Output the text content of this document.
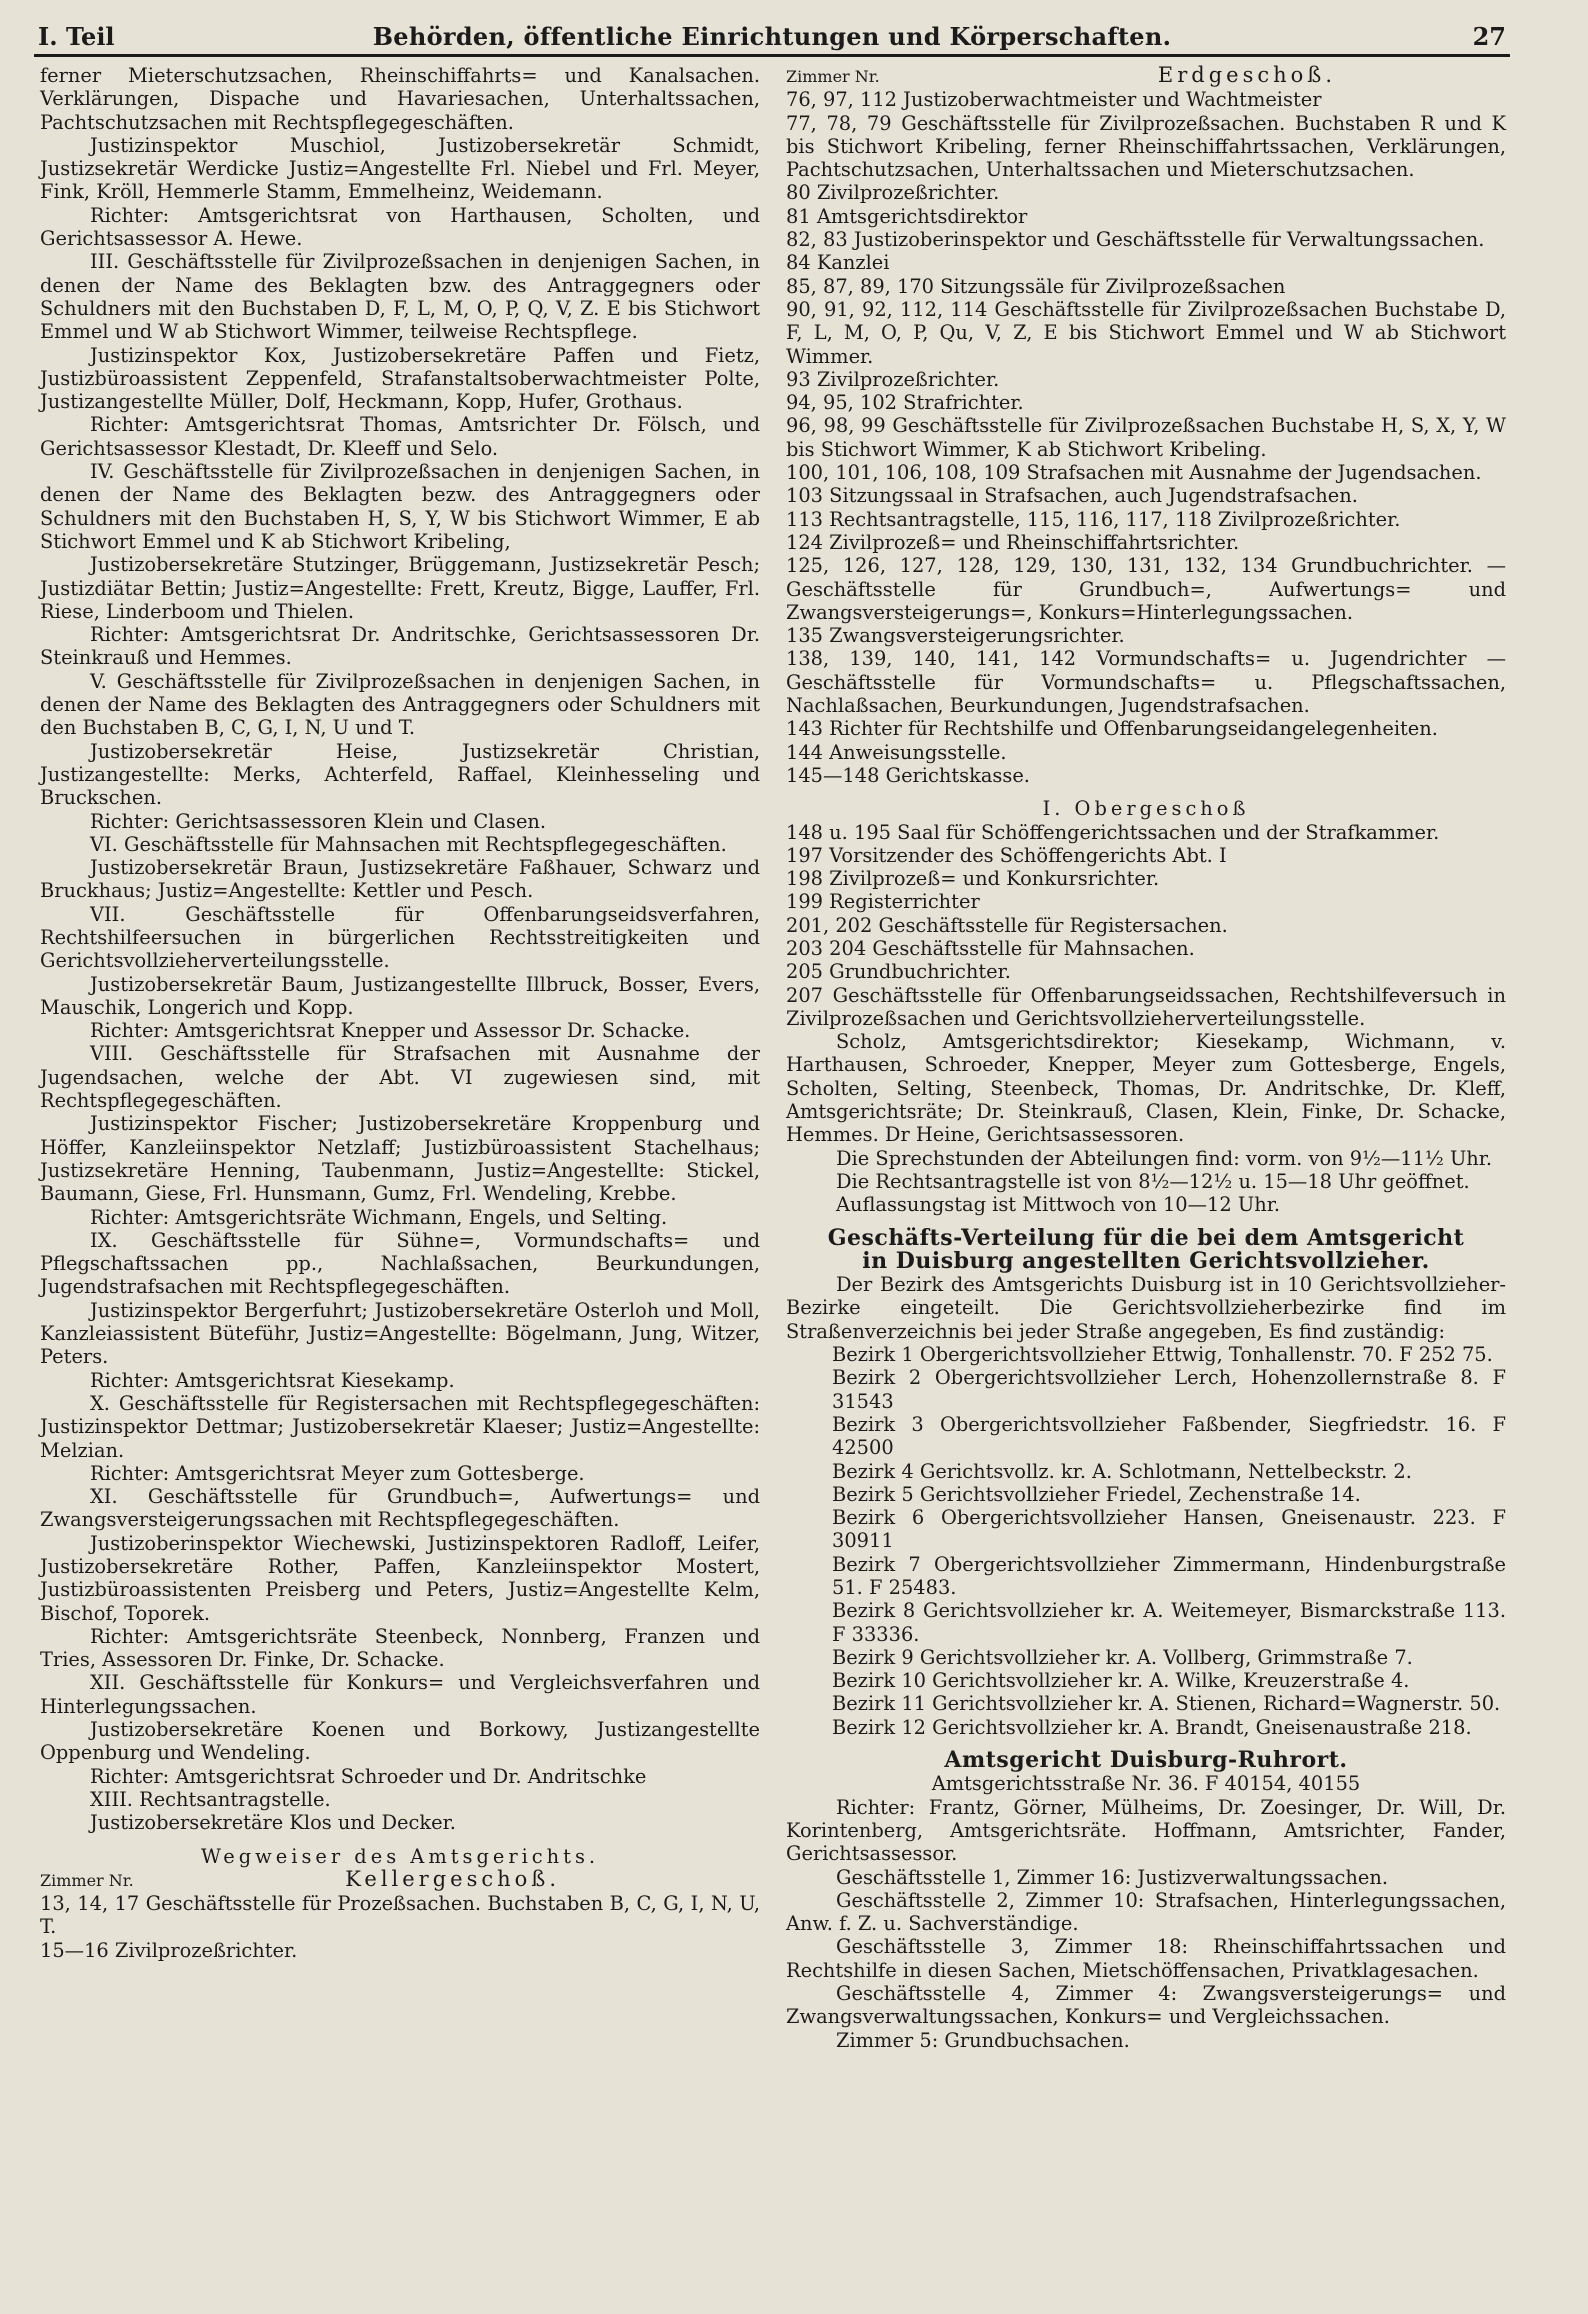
I. Teil	Behörden, öffentliche Einrichtungen und Körperschaften.	27

ferner Mieterschutzsachen, Rheinschiffahrts= und Kanalsachen. Verklärungen, Dispache und Havariesachen, Unterhaltssachen, Pachtschutzsachen mit Rechtspflegegeschäften.

Justizinspektor Muschiol, Justizobersekretär Schmidt, Justizsekretär Werdicke Justiz=Angestellte Frl. Niebel und Frl. Meyer, Fink, Kröll, Hemmerle Stamm, Emmelheinz, Weidemann.

Richter: Amtsgerichtsrat von Harthausen, Scholten, und Gerichtsassessor A. Hewe.

III. Geschäftsstelle für Zivilprozeßsachen in denjenigen Sachen, in denen der Name des Beklagten bzw. des Antraggegners oder Schuldners mit den Buchstaben D, F, L, M, O, P, Q, V, Z. E bis Stichwort Emmel und W ab Stichwort Wimmer, teilweise Rechtspflege.

Justizinspektor Kox, Justizobersekretäre Paffen und Fietz, Justizbüroassistent Zeppenfeld, Strafanstaltsoberwachtmeister Polte, Justizangestellte Müller, Dolf, Heckmann, Kopp, Hufer, Grothaus.

Richter: Amtsgerichtsrat Thomas, Amtsrichter Dr. Fölsch, und Gerichtsassessor Klestadt, Dr. Kleeff und Selo.

IV. Geschäftsstelle für Zivilprozeßsachen in denjenigen Sachen, in denen der Name des Beklagten bezw. des Antraggegners oder Schuldners mit den Buchstaben H, S, Y, W bis Stichwort Wimmer, E ab Stichwort Emmel und K ab Stichwort Kribeling,

Justizobersekretäre Stutzinger, Brüggemann, Justizsekretär Pesch; Justizdiätar Bettin; Justiz=Angestellte: Frett, Kreutz, Bigge, Lauffer, Frl. Riese, Linderboom und Thielen.

Richter: Amtsgerichtsrat Dr. Andritschke, Gerichtsassessoren Dr. Steinkrauß und Hemmes.

V. Geschäftsstelle für Zivilprozeßsachen in denjenigen Sachen, in denen der Name des Beklagten des Antraggegners oder Schuldners mit den Buchstaben B, C, G, I, N, U und T.

Justizobersekretär Heise, Justizsekretär Christian, Justizangestellte: Merks, Achterfeld, Raffael, Kleinhesseling und Bruckschen.

Richter: Gerichtsassessoren Klein und Clasen.

VI. Geschäftsstelle für Mahnsachen mit Rechtspflegegeschäften.

Justizobersekretär Braun, Justizsekretäre Faßhauer, Schwarz und Bruckhaus; Justiz=Angestellte: Kettler und Pesch.

VII. Geschäftsstelle für Offenbarungseidsverfahren, Rechtshilfeersuchen in bürgerlichen Rechtsstreitigkeiten und Gerichtsvollzieherverteilungsstelle.

Justizobersekretär Baum, Justizangestellte Illbruck, Bosser, Evers, Mauschik, Longerich und Kopp.

Richter: Amtsgerichtsrat Knepper und Assessor Dr. Schacke.

VIII. Geschäftsstelle für Strafsachen mit Ausnahme der Jugendsachen, welche der Abt. VI zugewiesen sind, mit Rechtspflegegeschäften.

Justizinspektor Fischer; Justizobersekretäre Kroppenburg und Höffer, Kanzleiinspektor Netzlaff; Justizbüroassistent Stachelhaus; Justizsekretäre Henning, Taubenmann, Justiz=Angestellte: Stickel, Baumann, Giese, Frl. Hunsmann, Gumz, Frl. Wendeling, Krebbe.

Richter: Amtsgerichtsräte Wichmann, Engels, und Selting.

IX. Geschäftsstelle für Sühne=, Vormundschafts= und Pflegschaftssachen pp., Nachlaßsachen, Beurkundungen, Jugendstrafsachen mit Rechtspflegegeschäften.

Justizinspektor Bergerfuhrt; Justizobersekretäre Osterloh und Moll, Kanzleiassistent Büteführ, Justiz=Angestellte: Bögelmann, Jung, Witzer, Peters.

Richter: Amtsgerichtsrat Kiesekamp.

X. Geschäftsstelle für Registersachen mit Rechtspflegegeschäften: Justizinspektor Dettmar; Justizobersekretär Klaeser; Justiz=Angestellte: Melzian.

Richter: Amtsgerichtsrat Meyer zum Gottesberge.

XI. Geschäftsstelle für Grundbuch=, Aufwertungs= und Zwangsversteigerungssachen mit Rechtspflegegeschäften.

Justizoberinspektor Wiechewski, Justizinspektoren Radloff, Leifer, Justizobersekretäre Rother, Paffen, Kanzleiinspektor Mostert, Justizbüroassistenten Preisberg und Peters, Justiz=Angestellte Kelm, Bischof, Toporek.

Richter: Amtsgerichtsräte Steenbeck, Nonnberg, Franzen und Tries, Assessoren Dr. Finke, Dr. Schacke.

XII. Geschäftsstelle für Konkurs= und Vergleichsverfahren und Hinterlegungssachen.

Justizobersekretäre Koenen und Borkowy, Justizangestellte Oppenburg und Wendeling.

Richter: Amtsgerichtsrat Schroeder und Dr. Andritschke

XIII. Rechtsantragstelle.

Justizobersekretäre Klos und Decker.

Wegweiser des Amtsgerichts.

Zimmer Nr.	Kellergeschoß.

13, 14, 17 Geschäftsstelle für Prozeßsachen. Buchstaben B, C, G, I, N, U, T.

15—16 Zivilprozeßrichter.

Zimmer Nr.	Erdgeschoß.

76, 97, 112 Justizoberwachtmeister und Wachtmeister

77, 78, 79 Geschäftsstelle für Zivilprozeßsachen. Buchstaben R und K bis Stichwort Kribeling, ferner Rheinschiffahrtssachen, Verklärungen, Pachtschutzsachen, Unterhaltssachen und Mieterschutzsachen.

80 Zivilprozeßrichter.

81 Amtsgerichtsdirektor

82, 83 Justizoberinspektor und Geschäftsstelle für Verwaltungssachen.

84 Kanzlei

85, 87, 89, 170 Sitzungssäle für Zivilprozeßsachen

90, 91, 92, 112, 114 Geschäftsstelle für Zivilprozeßsachen Buchstabe D, F, L, M, O, P, Qu, V, Z, E bis Stichwort Emmel und W ab Stichwort Wimmer.

93 Zivilprozeßrichter.

94, 95, 102 Strafrichter.

96, 98, 99 Geschäftsstelle für Zivilprozeßsachen Buchstabe H, S, X, Y, W bis Stichwort Wimmer, K ab Stichwort Kribeling.

100, 101, 106, 108, 109 Strafsachen mit Ausnahme der Jugendsachen.

103 Sitzungssaal in Strafsachen, auch Jugendstrafsachen.

113 Rechtsantragstelle, 115, 116, 117, 118 Zivilprozeßrichter.

124 Zivilprozeß= und Rheinschiffahrtsrichter.

125, 126, 127, 128, 129, 130, 131, 132, 134 Grundbuchrichter. — Geschäftsstelle für Grundbuch=, Aufwertungs= und Zwangsversteigerungs=, Konkurs=Hinterlegungssachen.

135 Zwangsversteigerungsrichter.

138, 139, 140, 141, 142 Vormundschafts= u. Jugendrichter — Geschäftsstelle für Vormundschafts= u. Pflegschaftssachen, Nachlaßsachen, Beurkundungen, Jugendstrafsachen.

143 Richter für Rechtshilfe und Offenbarungseidangelegenheiten.

144 Anweisungsstelle.

145—148 Gerichtskasse.

I. Obergeschoß

148 u. 195 Saal für Schöffengerichtssachen und der Strafkammer.

197 Vorsitzender des Schöffengerichts Abt. I

198 Zivilprozeß= und Konkursrichter.

199 Registerrichter

201, 202 Geschäftsstelle für Registersachen.

203 204 Geschäftsstelle für Mahnsachen.

205 Grundbuchrichter.

207 Geschäftsstelle für Offenbarungseidssachen, Rechtshilfeversuch in Zivilprozeßsachen und Gerichtsvollzieherverteilungsstelle.

Scholz, Amtsgerichtsdirektor; Kiesekamp, Wichmann, v. Harthausen, Schroeder, Knepper, Meyer zum Gottesberge, Engels, Scholten, Selting, Steenbeck, Thomas, Dr. Andritschke, Dr. Kleff, Amtsgerichtsräte; Dr. Steinkrauß, Clasen, Klein, Finke, Dr. Schacke, Hemmes. Dr Heine, Gerichtsassessoren.

Die Sprechstunden der Abteilungen find: vorm. von 9½—11½ Uhr.

Die Rechtsantragstelle ist von 8½—12½ u. 15—18 Uhr geöffnet.

Auflassungstag ist Mittwoch von 10—12 Uhr.

Geschäfts-Verteilung für die bei dem Amtsgericht

in Duisburg angestellten Gerichtsvollzieher.

Der Bezirk des Amtsgerichts Duisburg ist in 10 Gerichtsvollzieher-Bezirke eingeteilt. Die Gerichtsvollzieherbezirke find im Straßenverzeichnis bei jeder Straße angegeben, Es find zuständig:

Bezirk 1 Obergerichtsvollzieher Ettwig, Tonhallenstr. 70. F 252 75.

Bezirk 2 Obergerichtsvollzieher Lerch, Hohenzollernstraße 8. F 31543

Bezirk 3 Obergerichtsvollzieher Faßbender, Siegfriedstr. 16. F 42500

Bezirk 4 Gerichtsvollz. kr. A. Schlotmann, Nettelbeckstr. 2.

Bezirk 5 Gerichtsvollzieher Friedel, Zechenstraße 14.

Bezirk 6 Obergerichtsvollzieher Hansen, Gneisenaustr. 223. F 30911

Bezirk 7 Obergerichtsvollzieher Zimmermann, Hindenburgstraße 51. F 25483.

Bezirk 8 Gerichtsvollzieher kr. A. Weitemeyer, Bismarckstraße 113. F 33336.

Bezirk 9 Gerichtsvollzieher kr. A. Vollberg, Grimmstraße 7.

Bezirk 10 Gerichtsvollzieher kr. A. Wilke, Kreuzerstraße 4.

Bezirk 11 Gerichtsvollzieher kr. A. Stienen, Richard=Wagnerstr. 50.

Bezirk 12 Gerichtsvollzieher kr. A. Brandt, Gneisenaustraße 218.

Amtsgericht Duisburg-Ruhrort.

Amtsgerichtsstraße Nr. 36. F 40154, 40155

Richter: Frantz, Görner, Mülheims, Dr. Zoesinger, Dr. Will, Dr. Korintenberg, Amtsgerichtsräte. Hoffmann, Amtsrichter, Fander, Gerichtsassessor.

Geschäftsstelle 1, Zimmer 16: Justizverwaltungssachen.

Geschäftsstelle 2, Zimmer 10: Strafsachen, Hinterlegungssachen, Anw. f. Z. u. Sachverständige.

Geschäftsstelle 3, Zimmer 18: Rheinschiffahrtssachen und Rechtshilfe in diesen Sachen, Mietschöffensachen, Privatklagesachen.

Geschäftsstelle 4, Zimmer 4: Zwangsversteigerungs= und Zwangsverwaltungssachen, Konkurs= und Vergleichssachen.

Zimmer 5: Grundbuchsachen.
